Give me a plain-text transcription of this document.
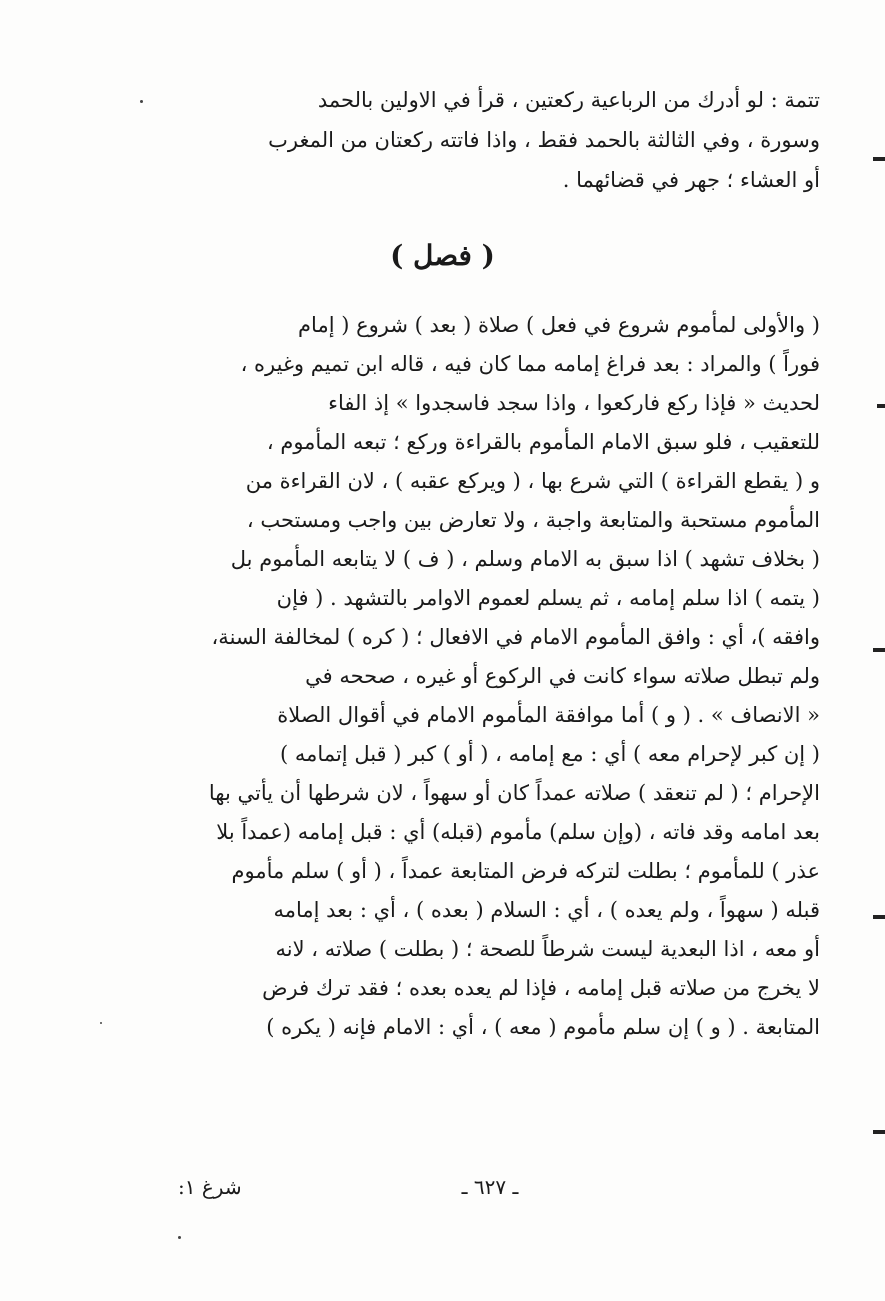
تتمة : لو أدرك من الرباعية ركعتين ، قرأ في الاولين بالحمد
وسورة ، وفي الثالثة بالحمد فقط ، واذا فاتته ركعتان من المغرب
أو العشاء ؛ جهر في قضائهما .
( فصل )
( والأولى لمأموم شروع في فعل ) صلاة ( بعد ) شروع ( إمام
فوراً ) والمراد : بعد فراغ إمامه مما كان فيه ، قاله ابن تميم وغيره ،
لحديث « فإذا ركع فاركعوا ، واذا سجد فاسجدوا » إذ الفاء
للتعقيب ، فلو سبق الامام المأموم بالقراءة وركع ؛ تبعه المأموم ،
و ( يقطع القراءة ) التي شرع بها ، ( ويركع عقبه ) ، لان القراءة من
المأموم مستحبة والمتابعة واجبة ، ولا تعارض بين واجب ومستحب ،
( بخلاف تشهد ) اذا سبق به الامام وسلم ، ( ف ) لا يتابعه المأموم بل
( يتمه ) اذا سلم إمامه ، ثم يسلم لعموم الاوامر بالتشهد . ( فإن
وافقه )، أي : وافق المأموم الامام في الافعال ؛ ( كره ) لمخالفة السنة،
ولم تبطل صلاته سواء كانت في الركوع أو غيره ، صححه في
« الانصاف » . ( و ) أما موافقة المأموم الامام في أقوال الصلاة
( إن كبر لإحرام معه ) أي : مع إمامه ، ( أو ) كبر ( قبل إتمامه )
الإحرام ؛ ( لم تنعقد ) صلاته عمداً كان أو سهواً ، لان شرطها أن يأتي بها
بعد امامه وقد فاته ، (وإن سلم) مأموم (قبله) أي : قبل إمامه (عمداً بلا
عذر ) للمأموم ؛ بطلت لتركه فرض المتابعة عمداً ، ( أو ) سلم مأموم
قبله ( سهواً ، ولم يعده ) ، أي : السلام ( بعده ) ، أي : بعد إمامه
أو معه ، اذا البعدية ليست شرطاً للصحة ؛ ( بطلت ) صلاته ، لانه
لا يخرج من صلاته قبل إمامه ، فإذا لم يعده بعده ؛ فقد ترك فرض
المتابعة . ( و ) إن سلم مأموم ( معه ) ، أي : الامام فإنه ( يكره )
ـ ٦٢٧ ـ
شرغ ١:
